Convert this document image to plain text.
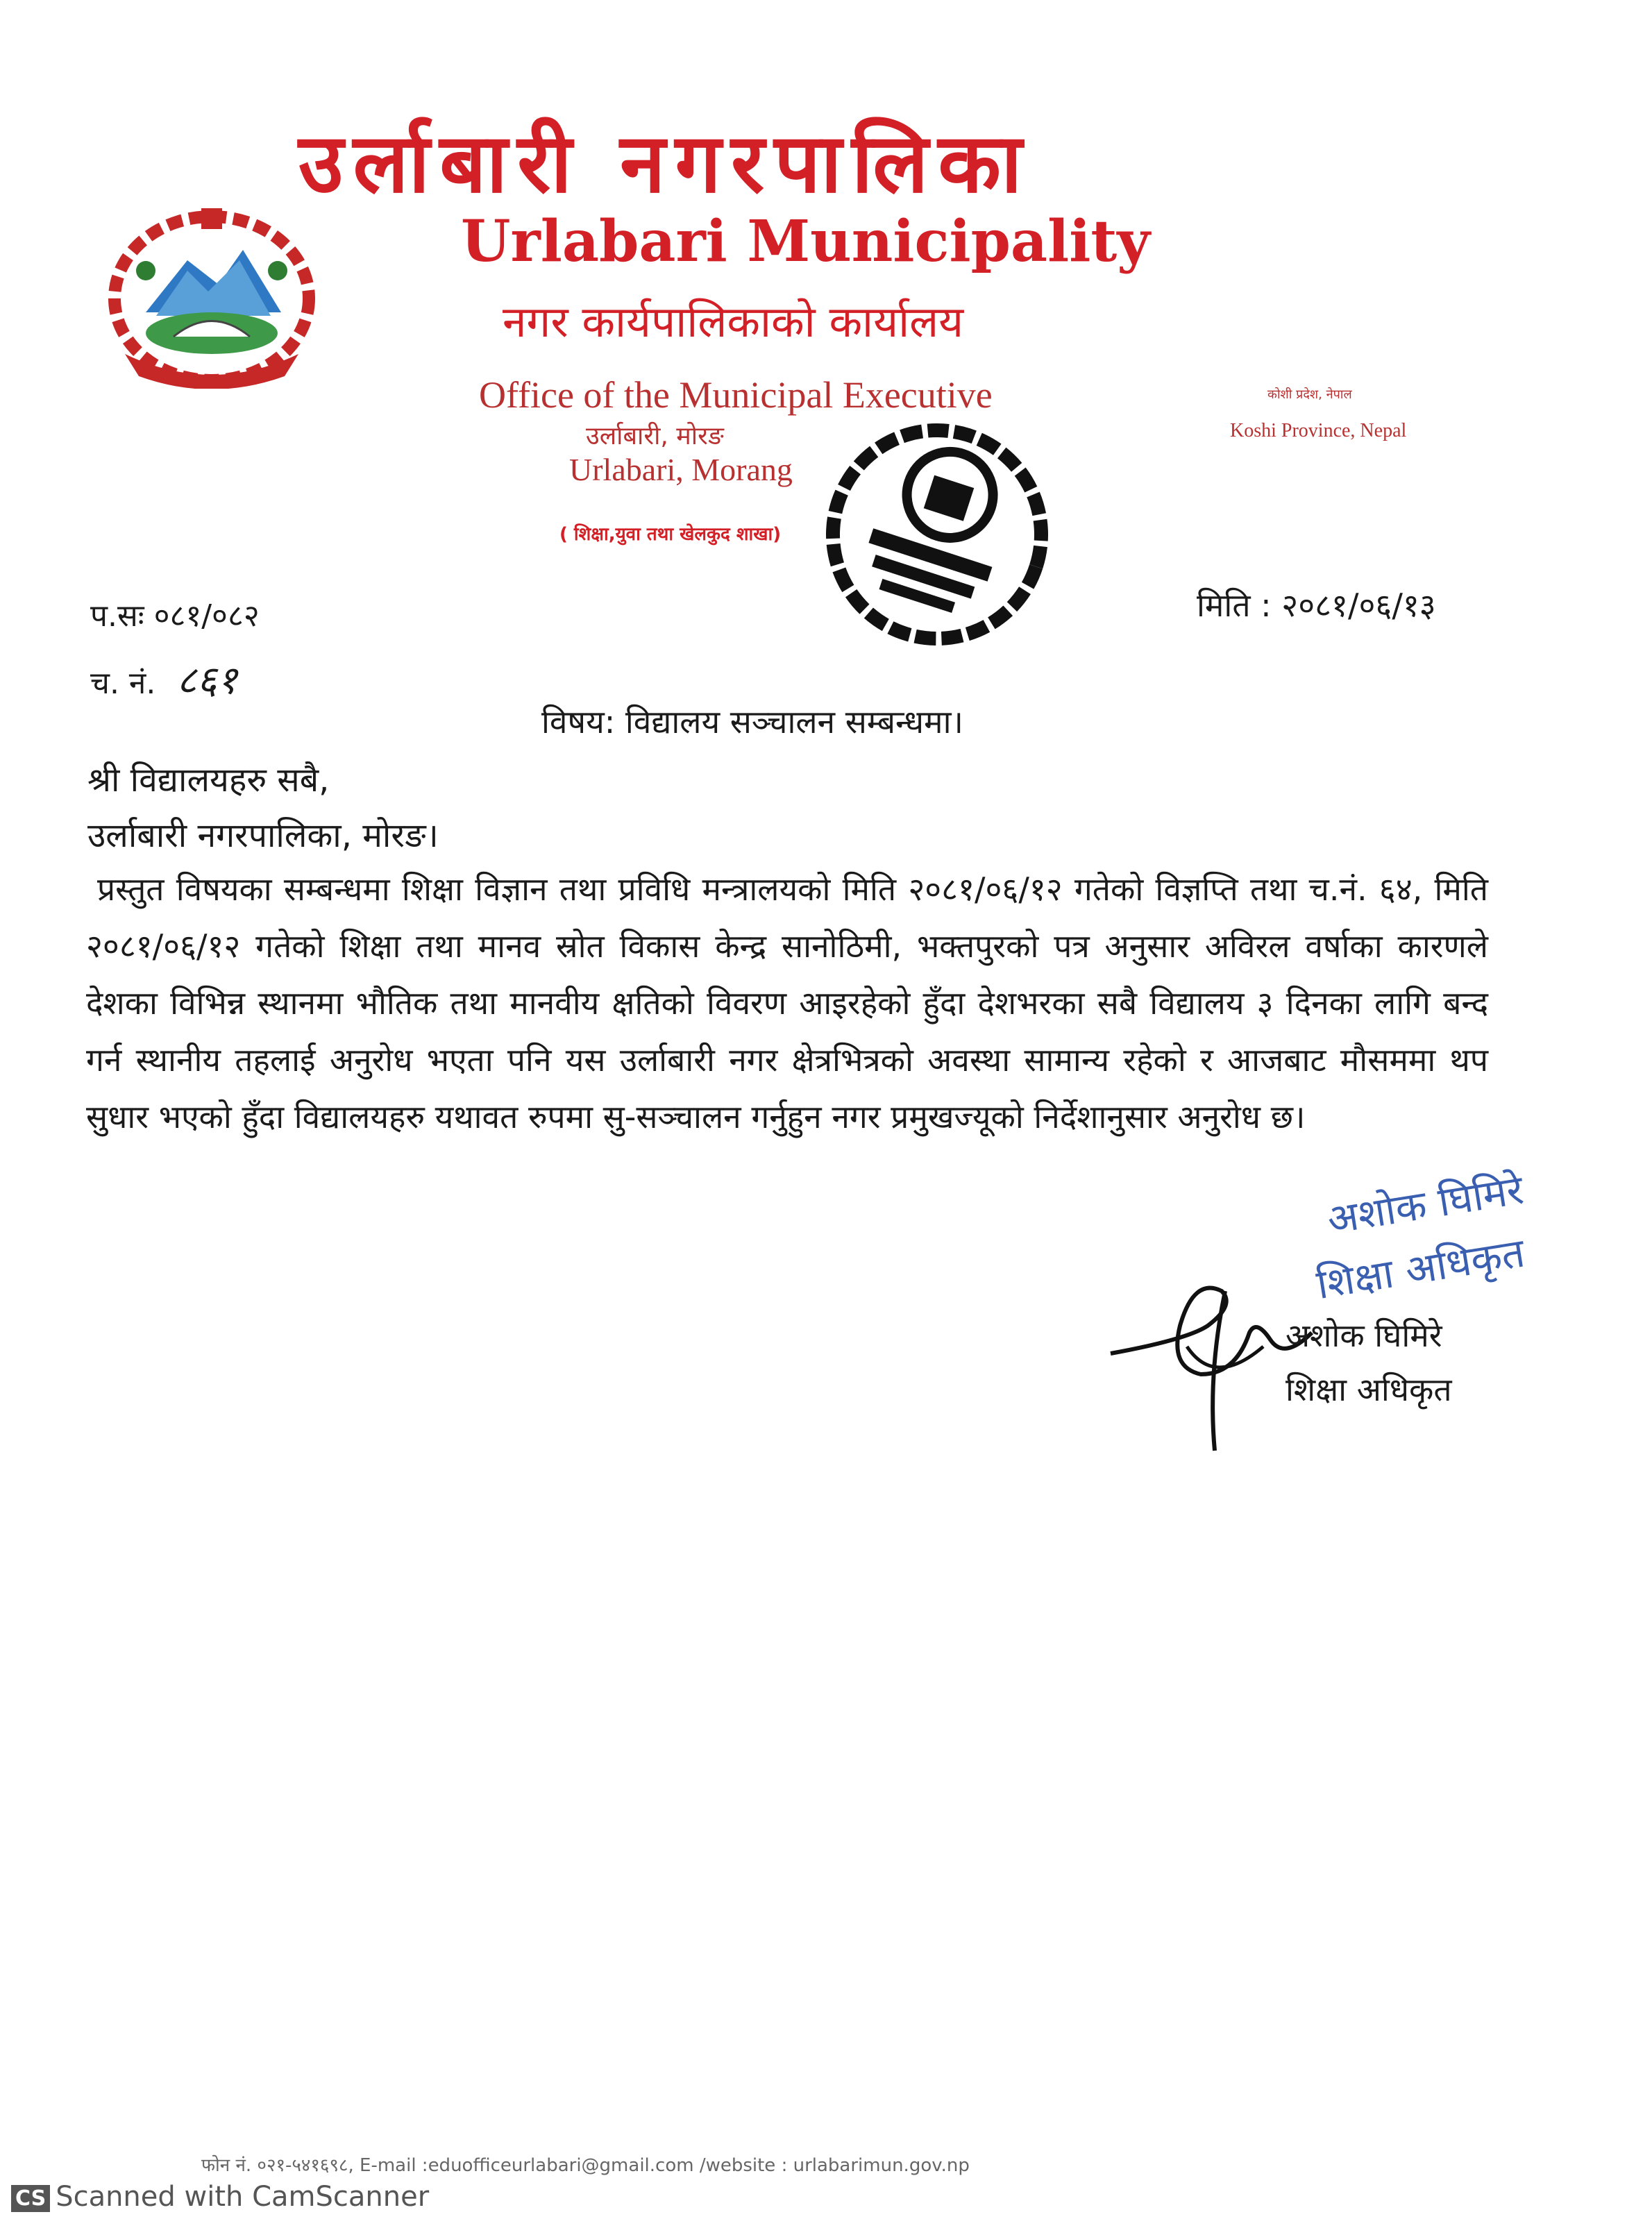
उर्लाबारी नगरपालिका
Urlabari Municipality
नगर कार्यपालिकाको कार्यालय
Office of the Municipal Executive
उर्लाबारी, मोरङ
Urlabari, Morang
( शिक्षा,युवा तथा खेलकुद शाखा)
कोशी प्रदेश, नेपाल
Koshi Province, Nepal
प.सः ०८१/०८२
च. नं. ८६१
मिति : २०८१/०६/१३
विषय: विद्यालय सञ्चालन सम्बन्धमा।
श्री विद्यालयहरु सबै,
उर्लाबारी नगरपालिका, मोरङ।
प्रस्तुत विषयका सम्बन्धमा शिक्षा विज्ञान तथा प्रविधि मन्त्रालयको मिति २०८१/०६/१२ गतेको विज्ञप्ति तथा च.नं. ६४, मिति २०८१/०६/१२ गतेको शिक्षा तथा मानव स्रोत विकास केन्द्र सानोठिमी, भक्तपुरको पत्र अनुसार अविरल वर्षाका कारणले देशका विभिन्न स्थानमा भौतिक तथा मानवीय क्षतिको विवरण आइरहेको हुँदा देशभरका सबै विद्यालय ३ दिनका लागि बन्द गर्न स्थानीय तहलाई अनुरोध भएता पनि यस उर्लाबारी नगर क्षेत्रभित्रको अवस्था सामान्य रहेको र आजबाट मौसममा थप सुधार भएको हुँदा विद्यालयहरु यथावत रुपमा सु-सञ्चालन गर्नुहुन नगर प्रमुखज्यूको निर्देशानुसार अनुरोध छ।
अशोक घिमिरे
शिक्षा अधिकृत
अशोक घिमिरे
शिक्षा अधिकृत
फोन नं. ०२१-५४१६९८, E-mail :eduofficeurlabari@gmail.com /website : urlabarimun.gov.np
CS Scanned with CamScanner
